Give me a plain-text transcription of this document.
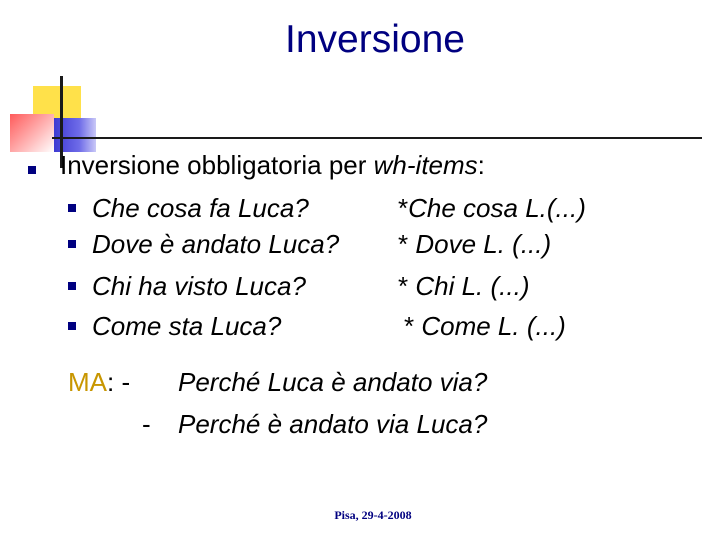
Inversione
Inversione obbligatoria per wh-items:
Che cosa fa Luca?	*Che cosa L.(...)
Dove è andato Luca? * Dove L. (...)
Chi ha visto Luca?	* Chi L. (...)
Come sta Luca?	* Come L. (...)
MA: - Perché Luca è andato via?
- Perché è andato via Luca?
Pisa, 29-4-2008
